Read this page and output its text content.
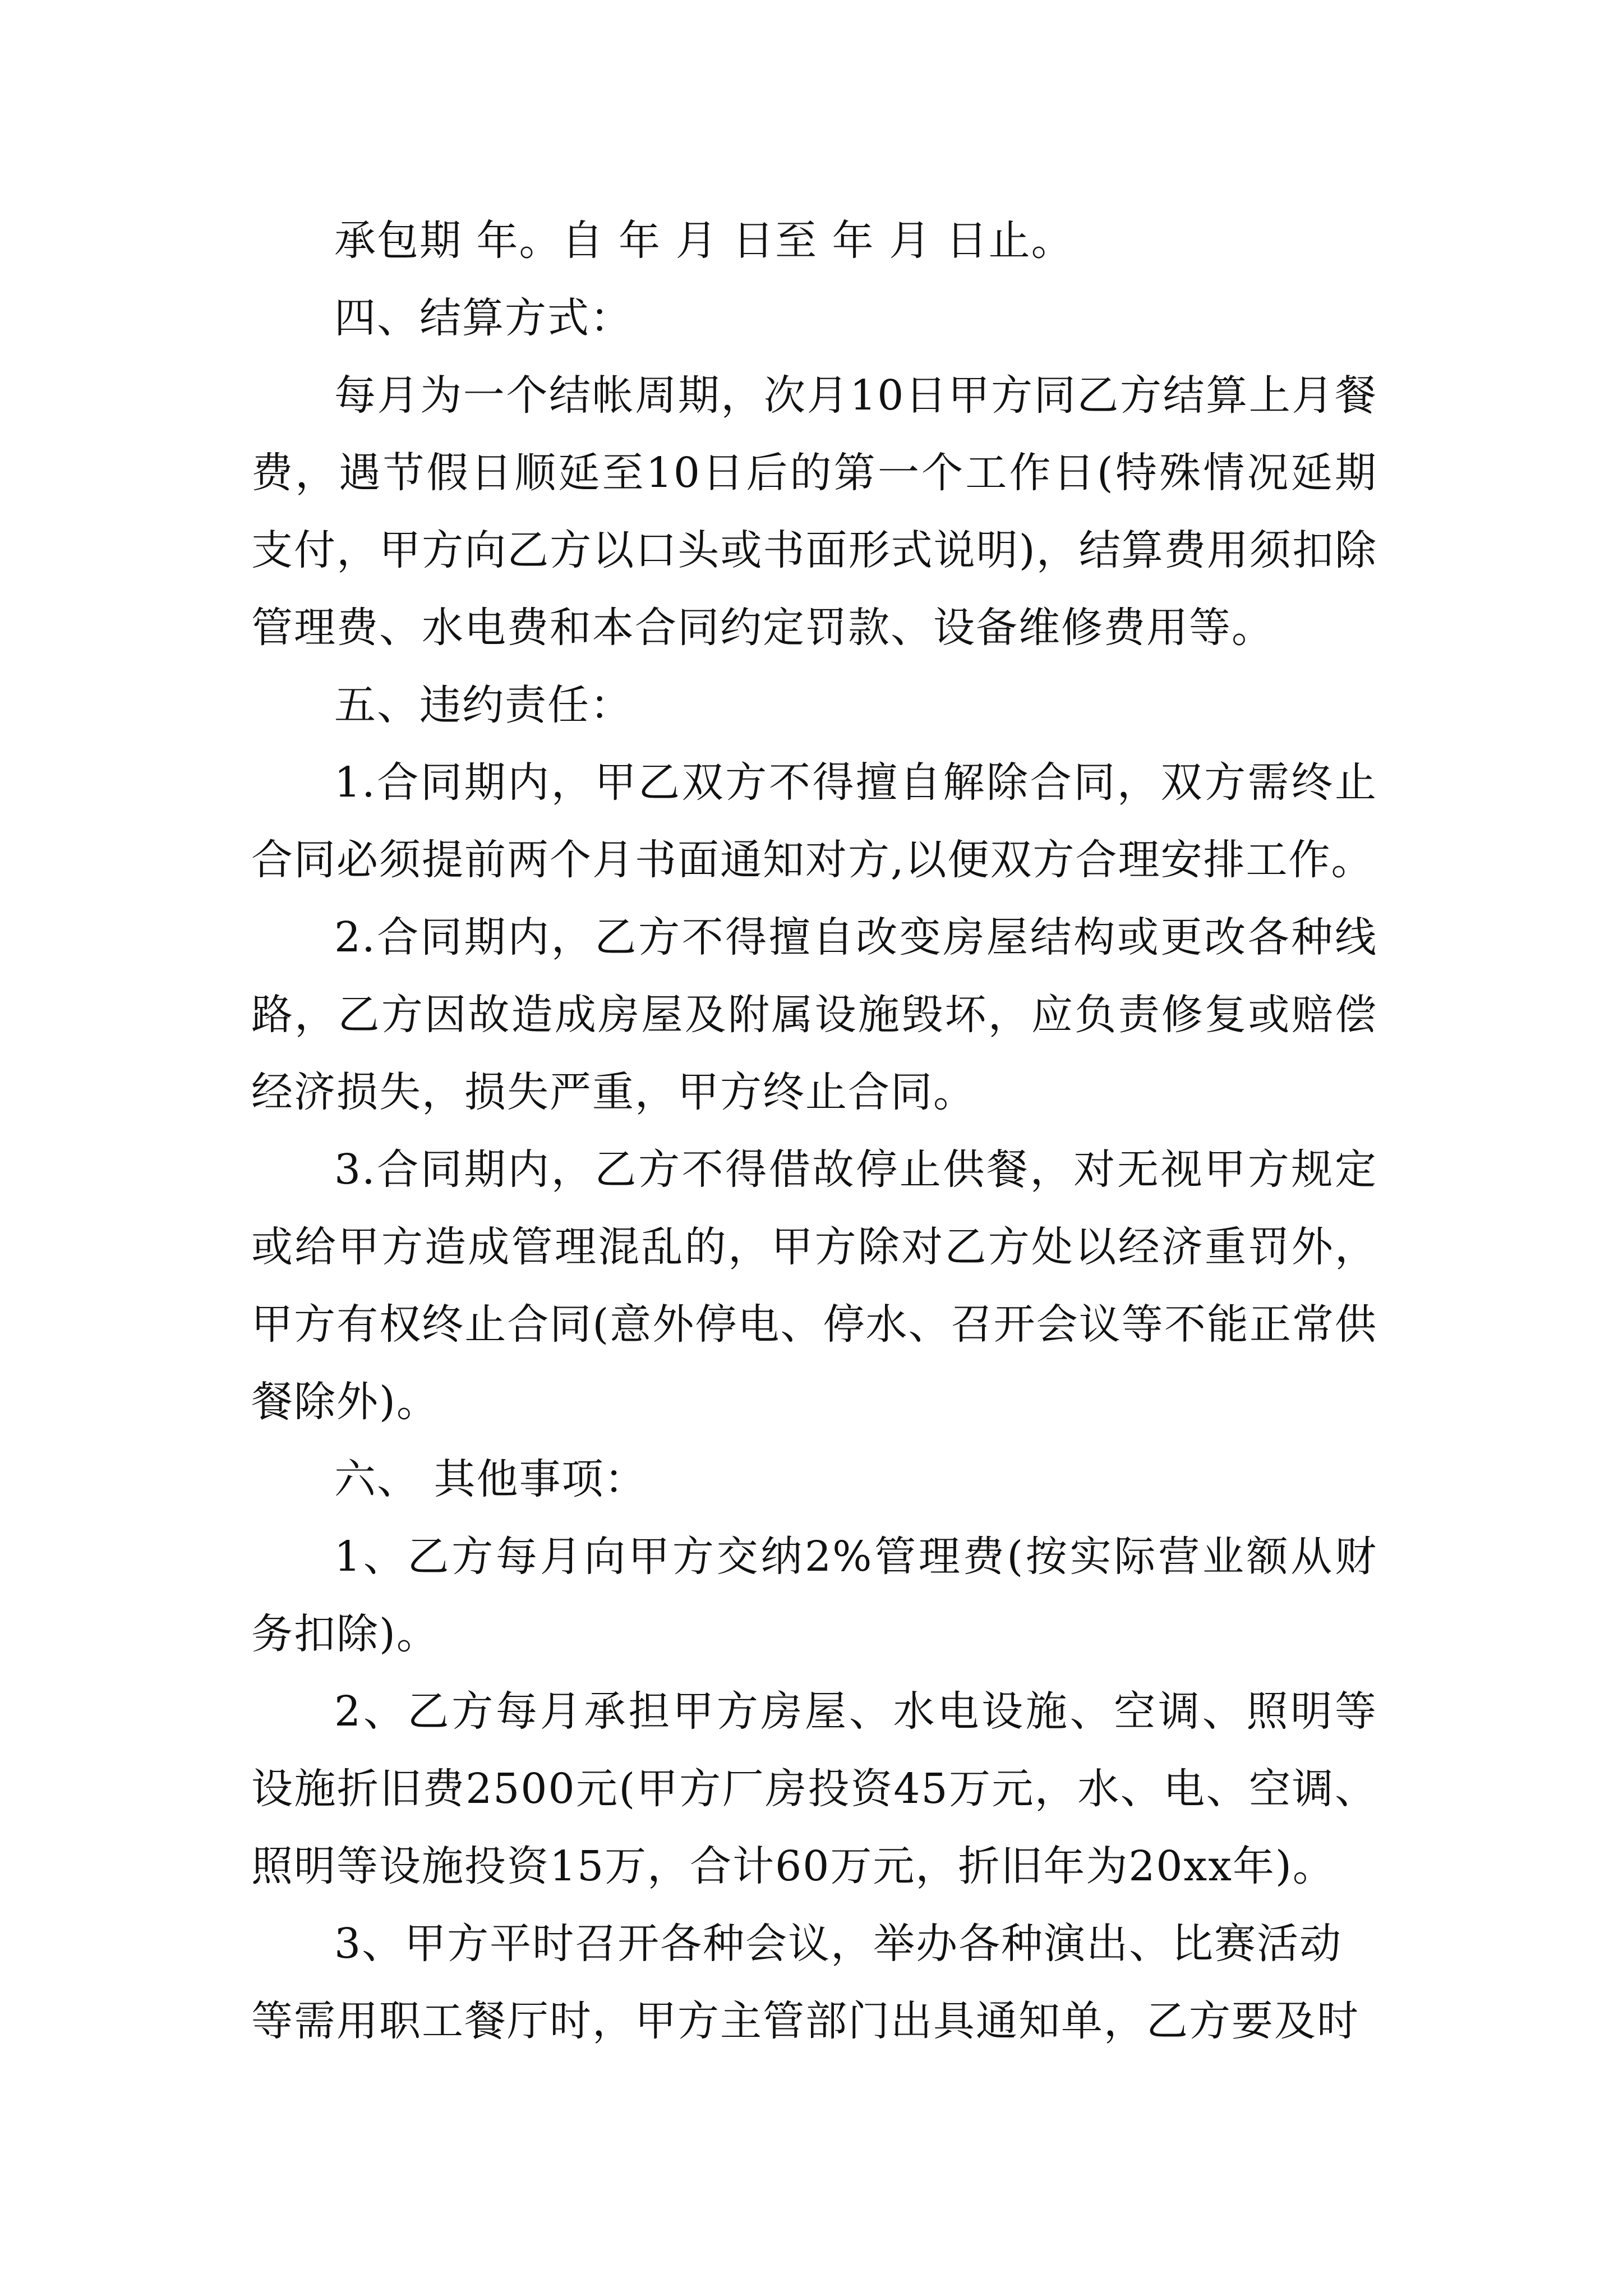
承包期 年。自 年 月 日至 年 月 日止。

四、结算方式：

每月为一个结帐周期，次月10日甲方同乙方结算上月餐费，遇节假日顺延至10日后的第一个工作日(特殊情况延期支付，甲方向乙方以口头或书面形式说明)，结算费用须扣除管理费、水电费和本合同约定罚款、设备维修费用等。

五、违约责任：

1.合同期内，甲乙双方不得擅自解除合同，双方需终止合同必须提前两个月书面通知对方,以便双方合理安排工作。

2.合同期内，乙方不得擅自改变房屋结构或更改各种线路，乙方因故造成房屋及附属设施毁坏，应负责修复或赔偿经济损失，损失严重，甲方终止合同。

3.合同期内，乙方不得借故停止供餐，对无视甲方规定或给甲方造成管理混乱的，甲方除对乙方处以经济重罚外，甲方有权终止合同(意外停电、停水、召开会议等不能正常供餐除外)。

六、 其他事项：

1、乙方每月向甲方交纳2%管理费(按实际营业额从财务扣除)。

2、乙方每月承担甲方房屋、水电设施、空调、照明等设施折旧费2500元(甲方厂房投资45万元，水、电、空调、照明等设施投资15万，合计60万元，折旧年为20xx年)。

3、甲方平时召开各种会议，举办各种演出、比赛活动等需用职工餐厅时，甲方主管部门出具通知单，乙方要及时
